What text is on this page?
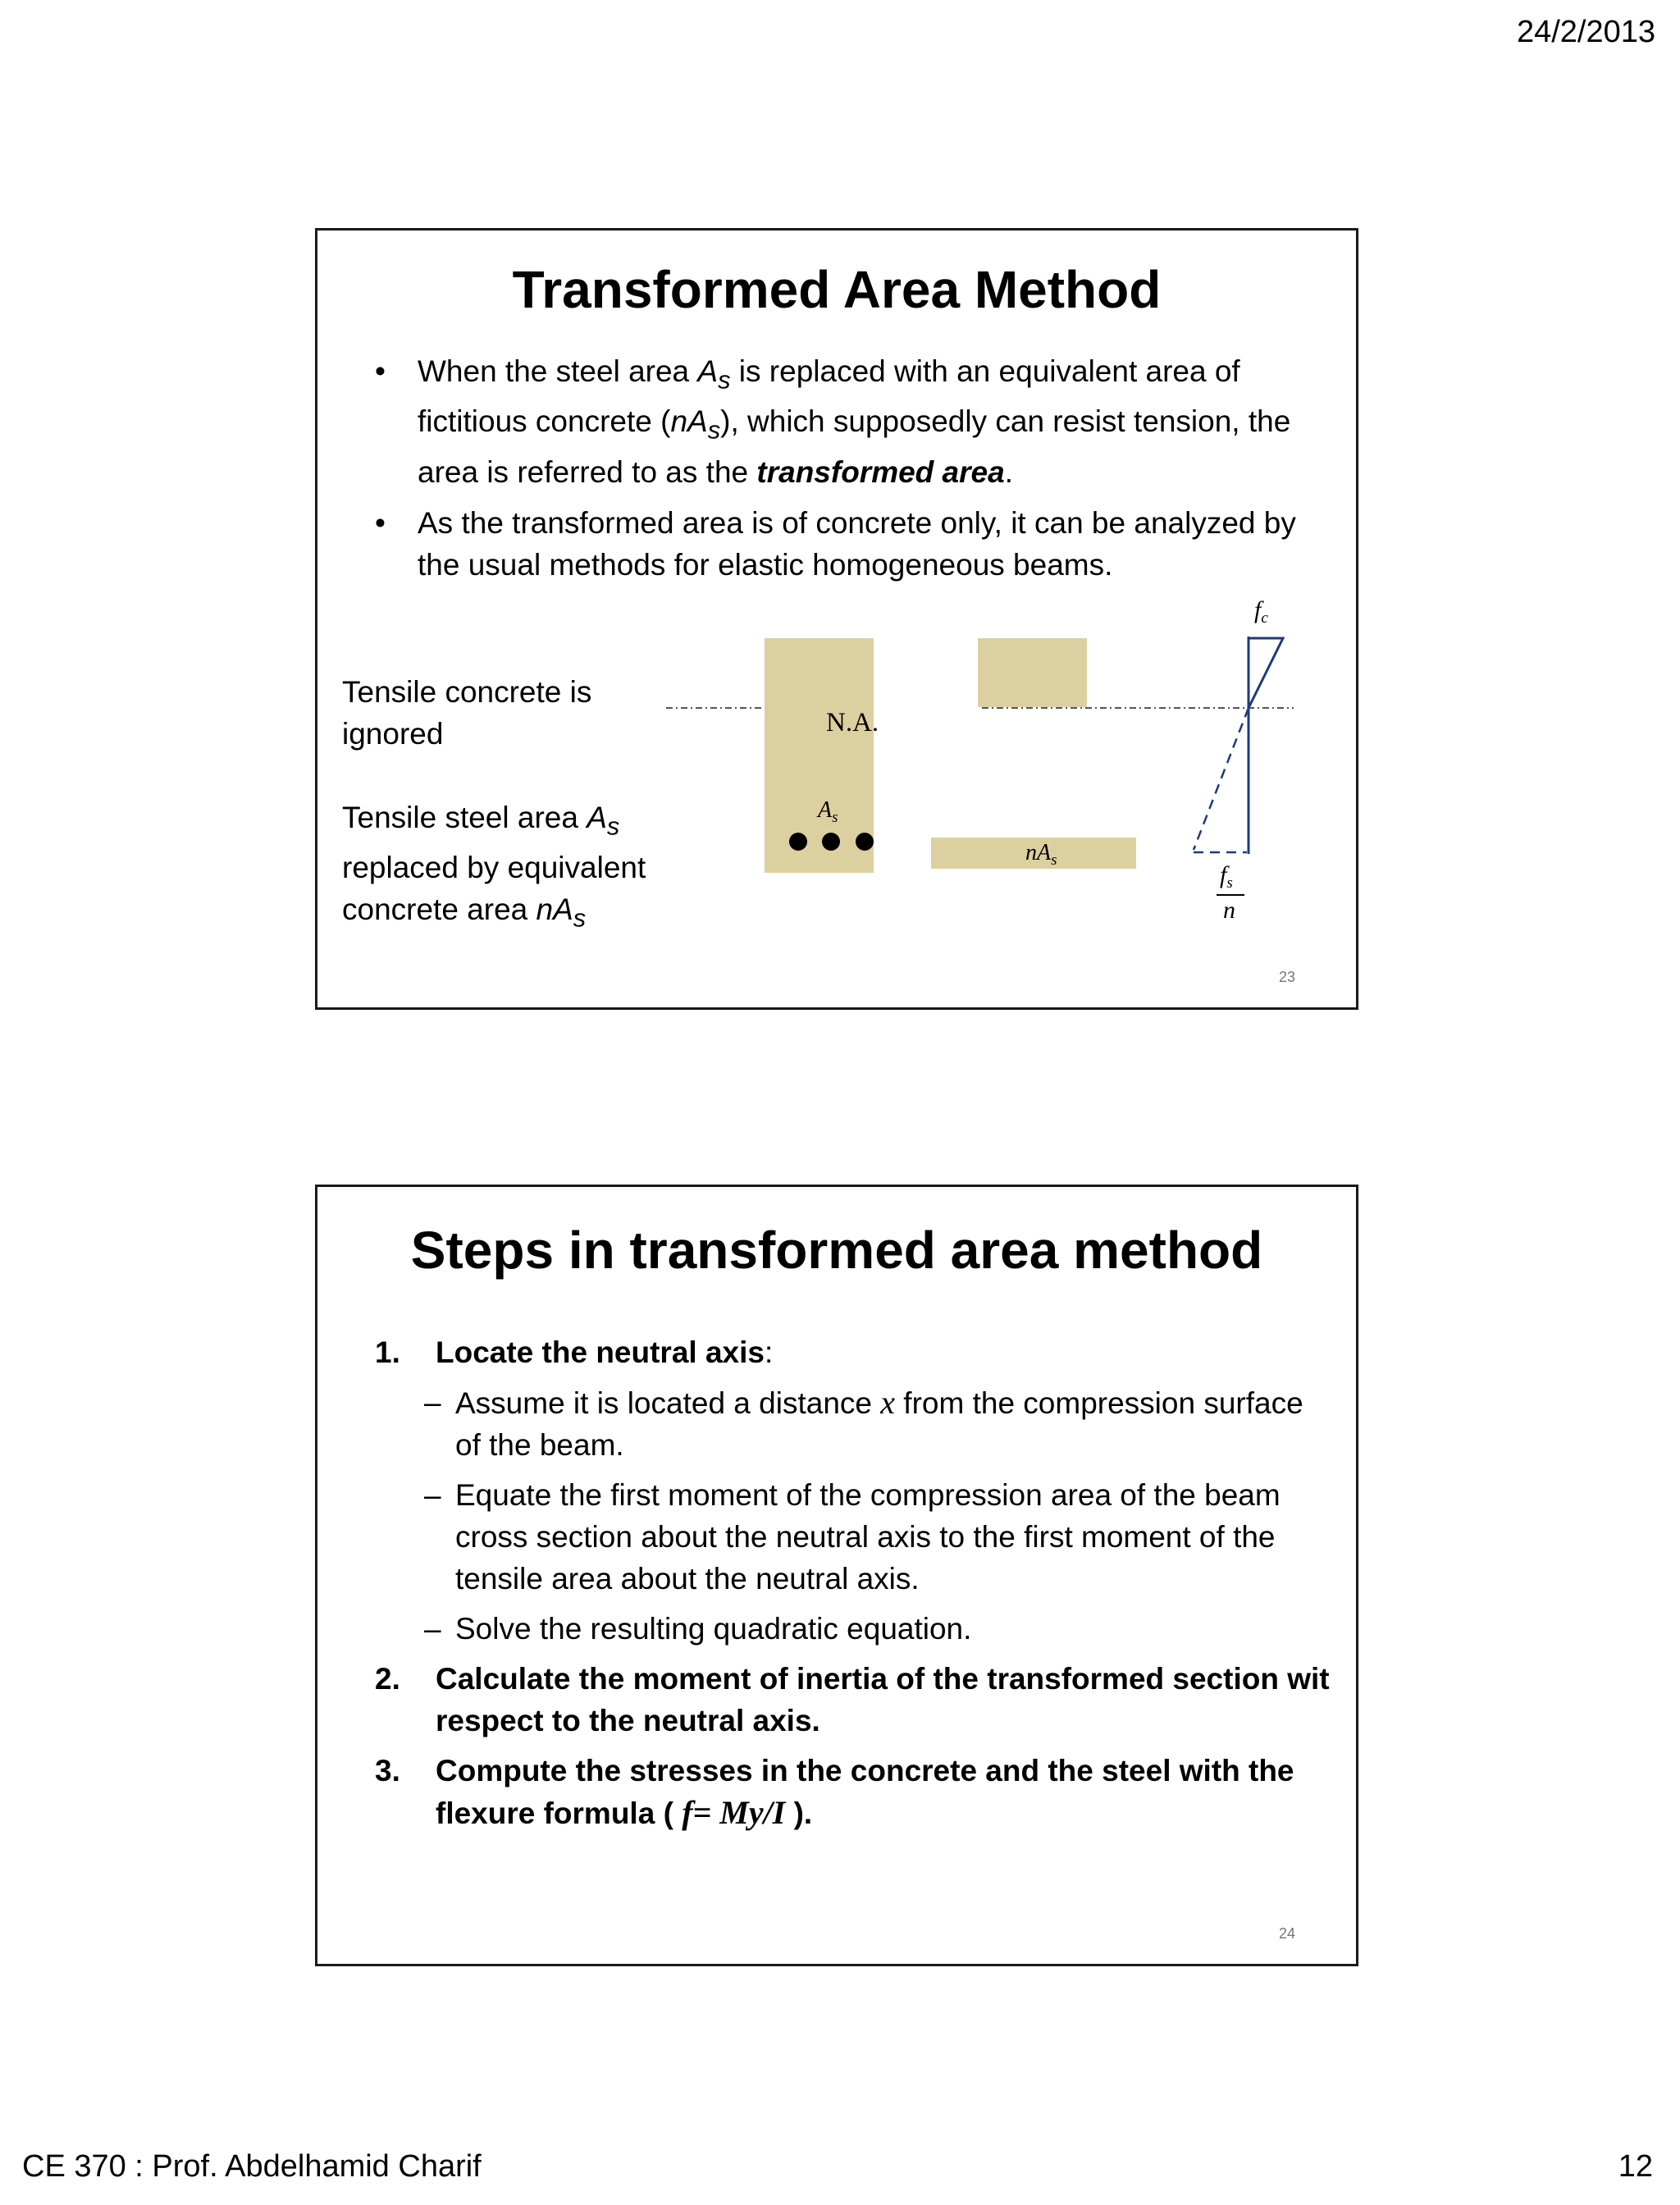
24/2/2013
Transformed Area Method
• When the steel area $A_s$ is replaced with an equivalent area of fictitious concrete $(nA_s)$, which supposedly can resist tension, the area is referred to as the transformed area.
• As the transformed area is of concrete only, it can be analyzed by the usual methods for elastic homogeneous beams.
Tensile concrete is ignored
Tensile steel area $A_s$ replaced by equivalent concrete area $nA_s$
N.A.
$A_s$
$nA_s$
$f_c$
$f_s$
n
23
Steps in transformed area method
1. Locate the neutral axis:
– Assume it is located a distance x from the compression surface of the beam.
– Equate the first moment of the compression area of the beam cross section about the neutral axis to the first moment of the tensile area about the neutral axis.
– Solve the resulting quadratic equation.
2. Calculate the moment of inertia of the transformed section wit respect to the neutral axis.
3. Compute the stresses in the concrete and the steel with the flexure formula ( f= My/I ).
24
CE 370 : Prof. Abdelhamid Charif	12
